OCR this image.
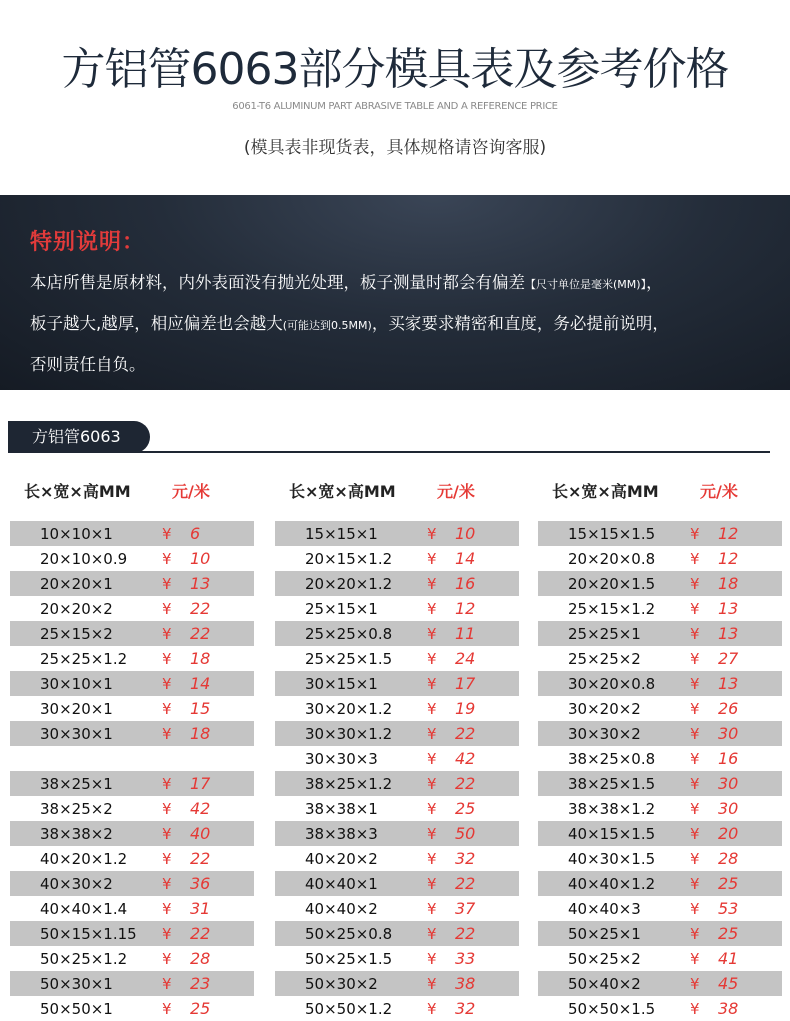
方铝管6063部分模具表及参考价格
6061-T6 ALUMINUM PART ABRASIVE TABLE AND A REFERENCE PRICE
(模具表非现货表，具体规格请咨询客服)
特别说明：
本店所售是原材料，内外表面没有抛光处理，板子测量时都会有偏差【尺寸单位是毫米(MM)】，
板子越大,越厚，相应偏差也会越大(可能达到0.5MM)，买家要求精密和直度，务必提前说明，
否则责任自负。
方铝管6063
长×宽×高MM	元/米
10×10×1	¥ 6
20×10×0.9 ¥ 10
20×20×1	¥ 13
20×20×2	¥ 22
25×15×2	¥ 22
25×25×1.2 ¥ 18
30×10×1	¥ 14
30×20×1	¥ 15
30×30×1	¥ 18
38×25×1	¥ 17
38×25×2	¥ 42
38×38×2	¥ 40
40×20×1.2 ¥ 22
40×30×2	¥ 36
40×40×1.4 ¥ 31
50×15×1.15 ¥ 22
50×25×1.2 ¥ 28
50×30×1	¥ 23
50×50×1	¥ 25
长×宽×高MM	元/米
15×15×1	¥ 10
20×15×1.2 ¥ 14
20×20×1.2 ¥ 16
25×15×1	¥ 12
25×25×0.8 ¥ 11
25×25×1.5 ¥ 24
30×15×1	¥ 17
30×20×1.2 ¥ 19
30×30×1.2 ¥ 22
30×30×3	¥ 42
38×25×1.2 ¥ 22
38×38×1	¥ 25
38×38×3	¥ 50
40×20×2	¥ 32
40×40×1	¥ 22
40×40×2	¥ 37
50×25×0.8 ¥ 22
50×25×1.5 ¥ 33
50×30×2	¥ 38
50×50×1.2 ¥ 32
长×宽×高MM	元/米
15×15×1.5 ¥ 12
20×20×0.8 ¥ 12
20×20×1.5 ¥ 18
25×15×1.2 ¥ 13
25×25×1	¥ 13
25×25×2	¥ 27
30×20×0.8 ¥ 13
30×20×2	¥ 26
30×30×2	¥ 30
38×25×0.8 ¥ 16
38×25×1.5 ¥ 30
38×38×1.2 ¥ 30
40×15×1.5 ¥ 20
40×30×1.5 ¥ 28
40×40×1.2 ¥ 25
40×40×3	¥ 53
50×25×1	¥ 25
50×25×2	¥ 41
50×40×2	¥ 45
50×50×1.5 ¥ 38
